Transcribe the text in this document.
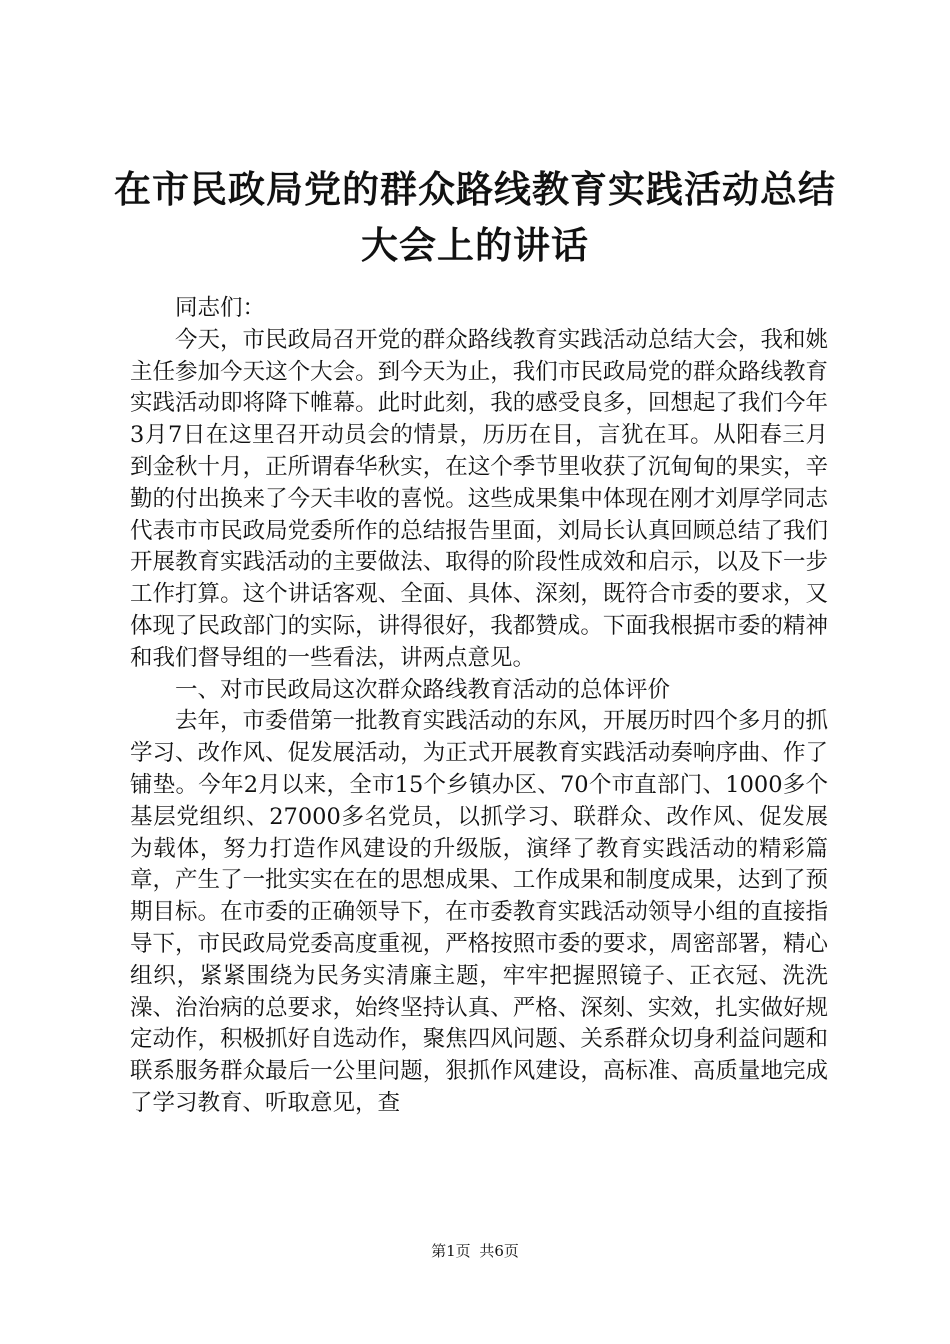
在市民政局党的群众路线教育实践活动总结大会上的讲话

同志们：

今天，市民政局召开党的群众路线教育实践活动总结大会，我和姚主任参加今天这个大会。到今天为止，我们市民政局党的群众路线教育实践活动即将降下帷幕。此时此刻，我的感受良多，回想起了我们今年3月7日在这里召开动员会的情景，历历在目，言犹在耳。从阳春三月到金秋十月，正所谓春华秋实，在这个季节里收获了沉甸甸的果实，辛勤的付出换来了今天丰收的喜悦。这些成果集中体现在刚才刘厚学同志代表市市民政局党委所作的总结报告里面，刘局长认真回顾总结了我们开展教育实践活动的主要做法、取得的阶段性成效和启示，以及下一步工作打算。这个讲话客观、全面、具体、深刻，既符合市委的要求，又体现了民政部门的实际，讲得很好，我都赞成。下面我根据市委的精神和我们督导组的一些看法，讲两点意见。

一、对市民政局这次群众路线教育活动的总体评价

去年，市委借第一批教育实践活动的东风，开展历时四个多月的抓学习、改作风、促发展活动，为正式开展教育实践活动奏响序曲、作了铺垫。今年2月以来，全市15个乡镇办区、70个市直部门、1000多个基层党组织、27000多名党员，以抓学习、联群众、改作风、促发展为载体，努力打造作风建设的升级版，演绎了教育实践活动的精彩篇章，产生了一批实实在在的思想成果、工作成果和制度成果，达到了预期目标。在市委的正确领导下，在市委教育实践活动领导小组的直接指导下，市民政局党委高度重视，严格按照市委的要求，周密部署，精心组织，紧紧围绕为民务实清廉主题，牢牢把握照镜子、正衣冠、洗洗澡、治治病的总要求，始终坚持认真、严格、深刻、实效，扎实做好规定动作，积极抓好自选动作，聚焦四风问题、关系群众切身利益问题和联系服务群众最后一公里问题，狠抓作风建设，高标准、高质量地完成了学习教育、听取意见，查

第1页 共6页
